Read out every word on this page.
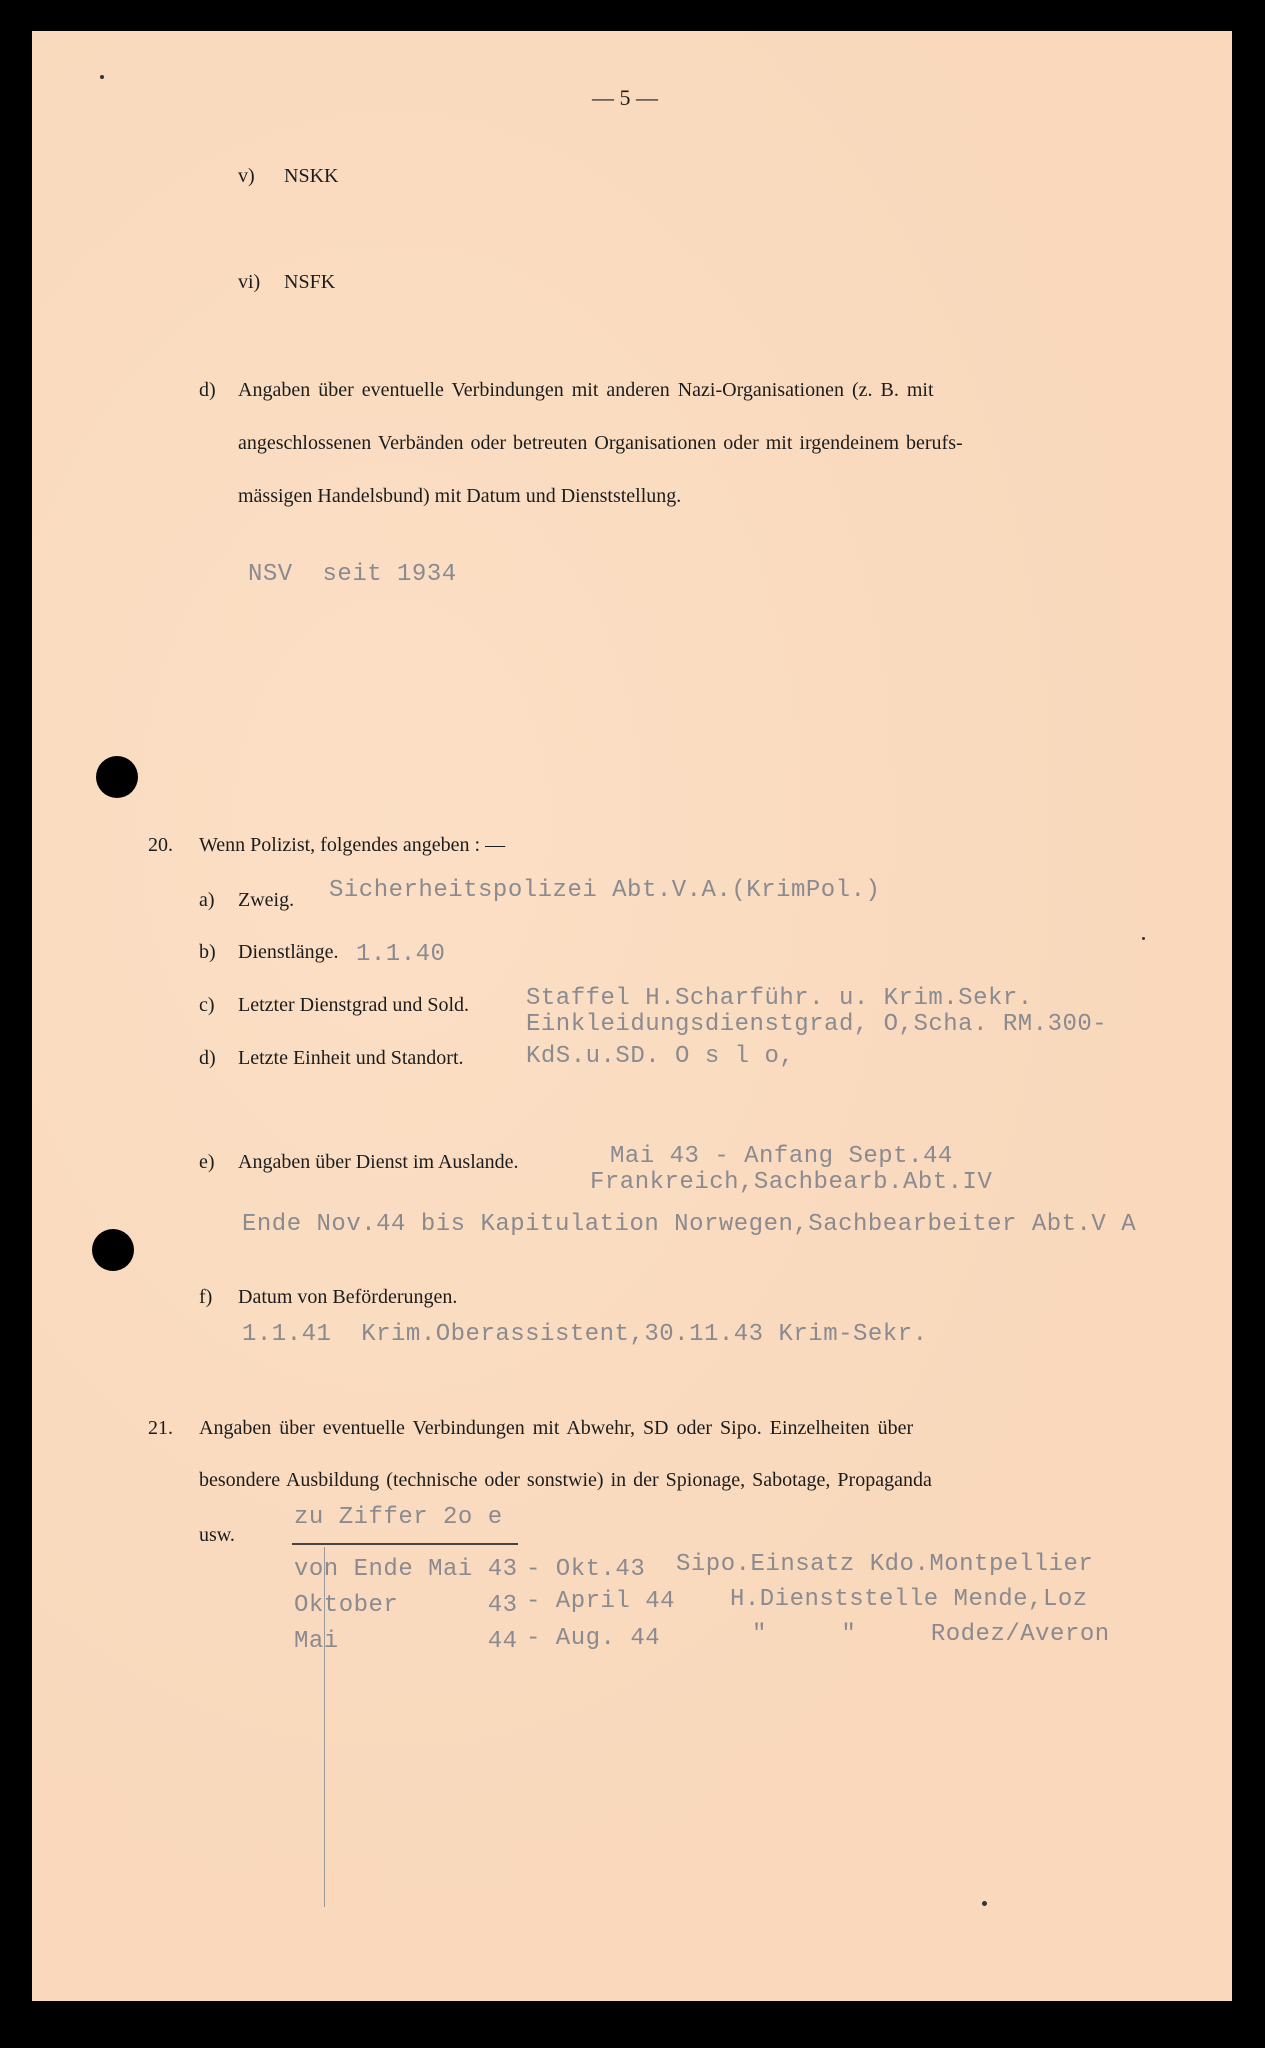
— 5 —
v) NSKK
vi) NSFK
d) Angaben über eventuelle Verbindungen mit anderen Nazi-Organisationen (z. B. mit
angeschlossenen Verbänden oder betreuten Organisationen oder mit irgendeinem berufs-
mässigen Handelsbund) mit Datum und Dienststellung.
NSV  seit 1934
20. Wenn Polizist, folgendes angeben : —
a) Zweig. Sicherheitspolizei Abt.V.A.(KrimPol.)
b) Dienstlänge. 1.1.40
c) Letzter Dienstgrad und Sold. Staffel H.Scharführ. u. Krim.Sekr.
Einkleidungsdienstgrad, O,Scha. RM.300-
d) Letzte Einheit und Standort.	KdS.u.SD. O s l o,
e) Angaben über Dienst im Auslande.	Mai 43 - Anfang Sept.44
Frankreich,Sachbearb.Abt.IV
Ende Nov.44 bis Kapitulation Norwegen,Sachbearbeiter Abt.V A
f) Datum von Beförderungen.
1.1.41  Krim.Oberassistent,30.11.43 Krim-Sekr.
21. Angaben über eventuelle Verbindungen mit Abwehr, SD oder Sipo. Einzelheiten über
besondere Ausbildung (technische oder sonstwie) in der Spionage, Sabotage, Propaganda
usw.
zu Ziffer 2o e
von Ende Mai 43 - Okt.43 Sipo.Einsatz Kdo.Montpellier
Oktober      43 - April 44 H.Dienststelle Mende,Loz
Mai          44 - Aug. 44	"     "     Rodez/Averon
